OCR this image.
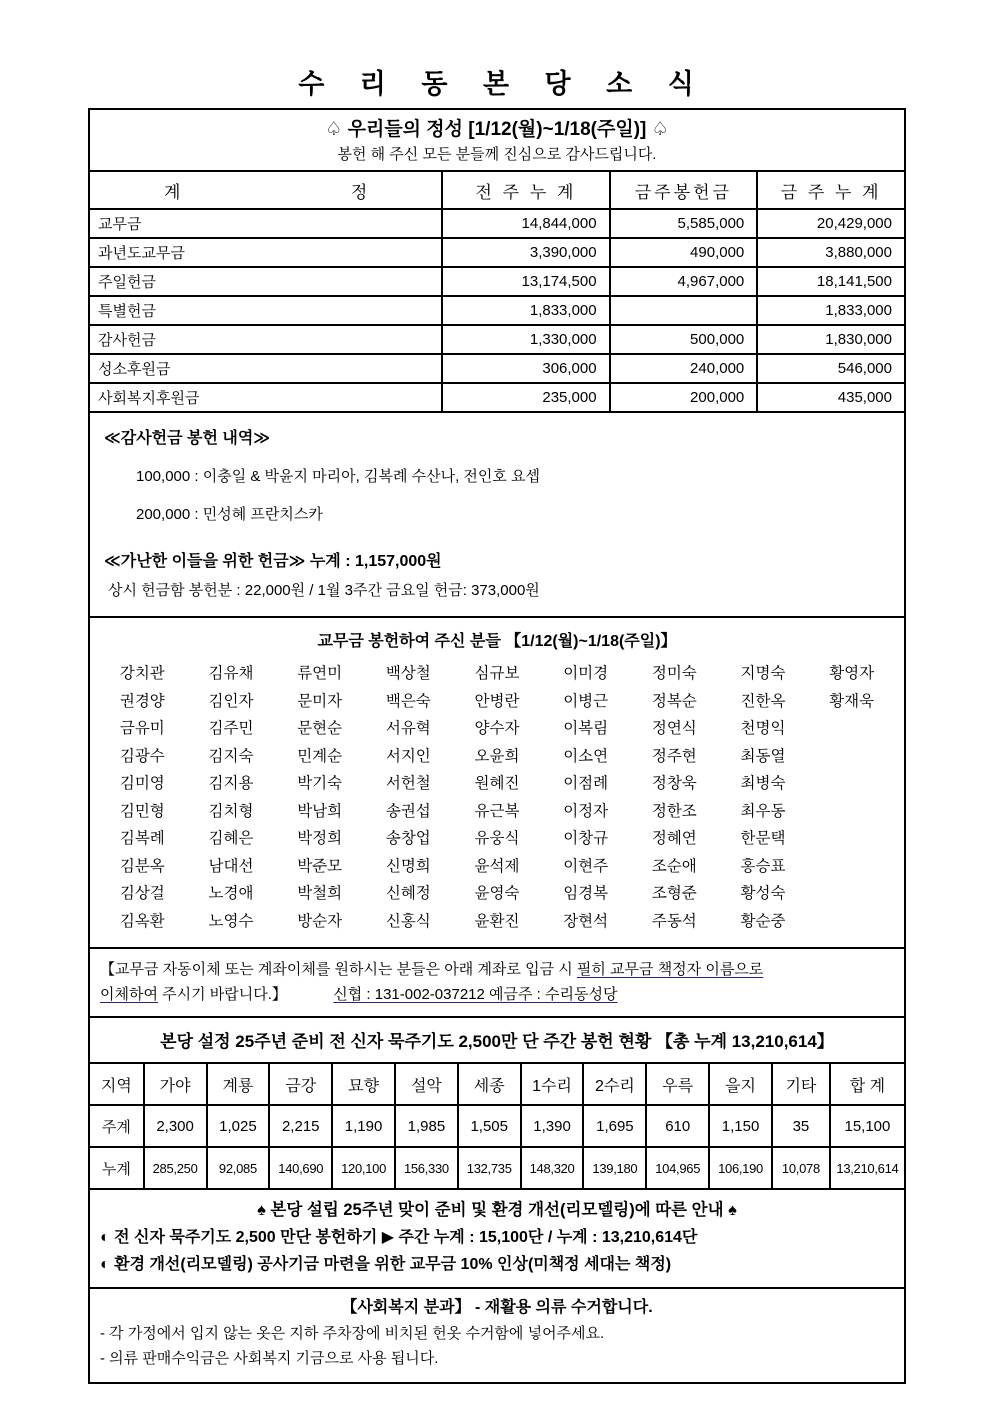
수 리 동 본 당 소 식
♤ 우리들의 정성 [1/12(월)~1/18(주일)] ♤
봉헌 해 주신 모든 분들께 진심으로 감사드립니다.
계 정	전 주 누 계	금주봉헌금	금 주 누 계
교무금	14,844,000	5,585,000	20,429,000
과년도교무금	3,390,000	490,000	3,880,000
주일헌금	13,174,500	4,967,000	18,141,500
특별헌금	1,833,000		1,833,000
감사헌금	1,330,000	500,000	1,830,000
성소후원금	306,000	240,000	546,000
사회복지후원금	235,000	200,000	435,000
≪감사헌금 봉헌 내역≫
100,000 : 이충일 & 박윤지 마리아, 김복례 수산나, 전인호 요셉
200,000 : 민성혜 프란치스카
≪가난한 이들을 위한 헌금≫ 누계 : 1,157,000원
상시 헌금함 봉헌분 : 22,000원 / 1월 3주간 금요일 헌금: 373,000원
교무금 봉헌하여 주신 분들 【1/12(월)~1/18(주일)】
강치관	김유채	류연미	백상철	심규보	이미경	정미숙	지명숙	황영자
권경양	김인자	문미자	백은숙	안병란	이병근	정복순	진한옥	황재욱
금유미	김주민	문현순	서유혁	양수자	이복림	정연식	천명익
김광수	김지숙	민계순	서지인	오윤희	이소연	정주현	최동열
김미영	김지용	박기숙	서헌철	원혜진	이점례	정창욱	최병숙
김민형	김치형	박남희	송권섭	유근복	이정자	정한조	최우동
김복례	김혜은	박정희	송창업	유웅식	이창규	정혜연	한문택
김분옥	남대선	박준모	신명희	윤석제	이현주	조순애	홍승표
김상걸	노경애	박철희	신혜정	윤영숙	임경복	조형준	황성숙
김옥환	노영수	방순자	신홍식	윤환진	장현석	주동석	황순중
【교무금 자동이체 또는 계좌이체를 원하시는 분들은 아래 계좌로 입금 시 필히 교무금 책정자 이름으로
이체하여 주시기 바랍니다.】	신협 : 131-002-037212 예금주 : 수리동성당
본당 설정 25주년 준비 전 신자 묵주기도 2,500만 단 주간 봉헌 현황 【총 누계 13,210,614】
지역	가야	계룡	금강	묘향	설악	세종	1수리	2수리	우륵	을지	기타	합 계
주계	2,300	1,025	2,215	1,190	1,985	1,505	1,390	1,695	610	1,150	35	15,100
누계	285,250	92,085	140,690	120,100	156,330	132,735	148,320	139,180	104,965	106,190	10,078	13,210,614
♠ 본당 설립 25주년 맞이 준비 및 환경 개선(리모델링)에 따른 안내 ♠
◐ 전 신자 묵주기도 2,500 만단 봉헌하기 ▶ 주간 누계 : 15,100단 / 누계 : 13,210,614단
◐ 환경 개선(리모델링) 공사기금 마련을 위한 교무금 10% 인상(미책정 세대는 책정)
【사회복지 분과】 - 재활용 의류 수거합니다.
- 각 가정에서 입지 않는 옷은 지하 주차장에 비치된 헌옷 수거함에 넣어주세요.
- 의류 판매수익금은 사회복지 기금으로 사용 됩니다.
